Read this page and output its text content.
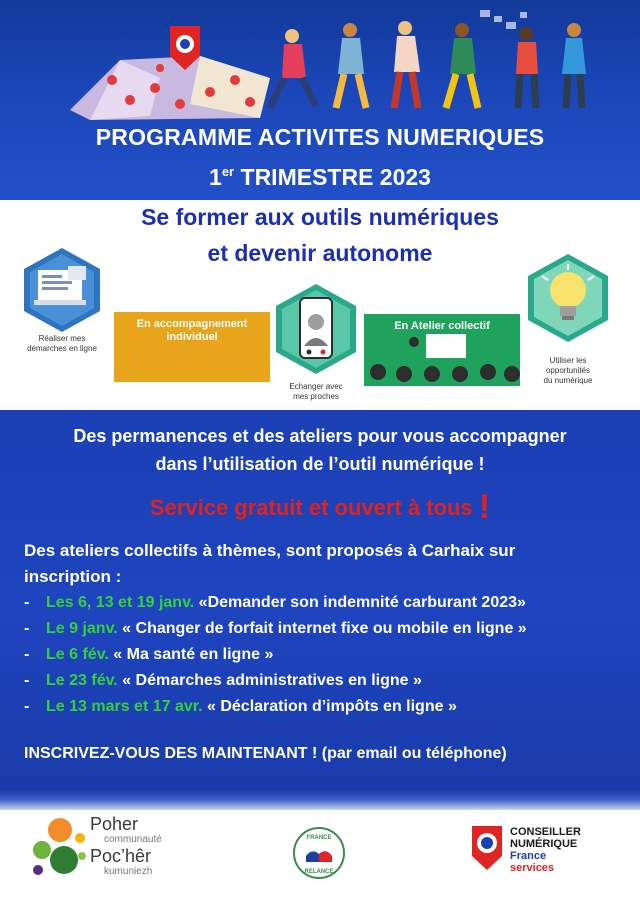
PROGRAMME ACTIVITES NUMERIQUES
1er TRIMESTRE 2023
Se former aux outils numériques
et devenir autonome
Réaliser mes
démarches en ligne
En accompagnement
individuel
Echanger avec
mes proches
En Atelier collectif
Utiliser les
opportunités
du numérique
Des permanences et des ateliers pour vous accompagner
dans l’utilisation de l’outil numérique !
Service gratuit et ouvert à tous !
Des ateliers collectifs à thèmes, sont proposés à Carhaix sur
inscription :
- Les 6, 13 et 19 janv. «Demander son indemnité carburant 2023»
- Le 9 janv. « Changer de forfait internet fixe ou mobile en ligne »
- Le 6 fév. « Ma santé en ligne »
- Le 23 fév. « Démarches administratives en ligne »
- Le 13 mars et 17 avr. « Déclaration d’impôts en ligne »
INSCRIVEZ-VOUS DES MAINTENANT ! (par email ou téléphone)
Poher
communauté
Poc’hêr
kumuniezh
FRANCE
RELANCE
CONSEILLER
NUMÉRIQUE
France
services
